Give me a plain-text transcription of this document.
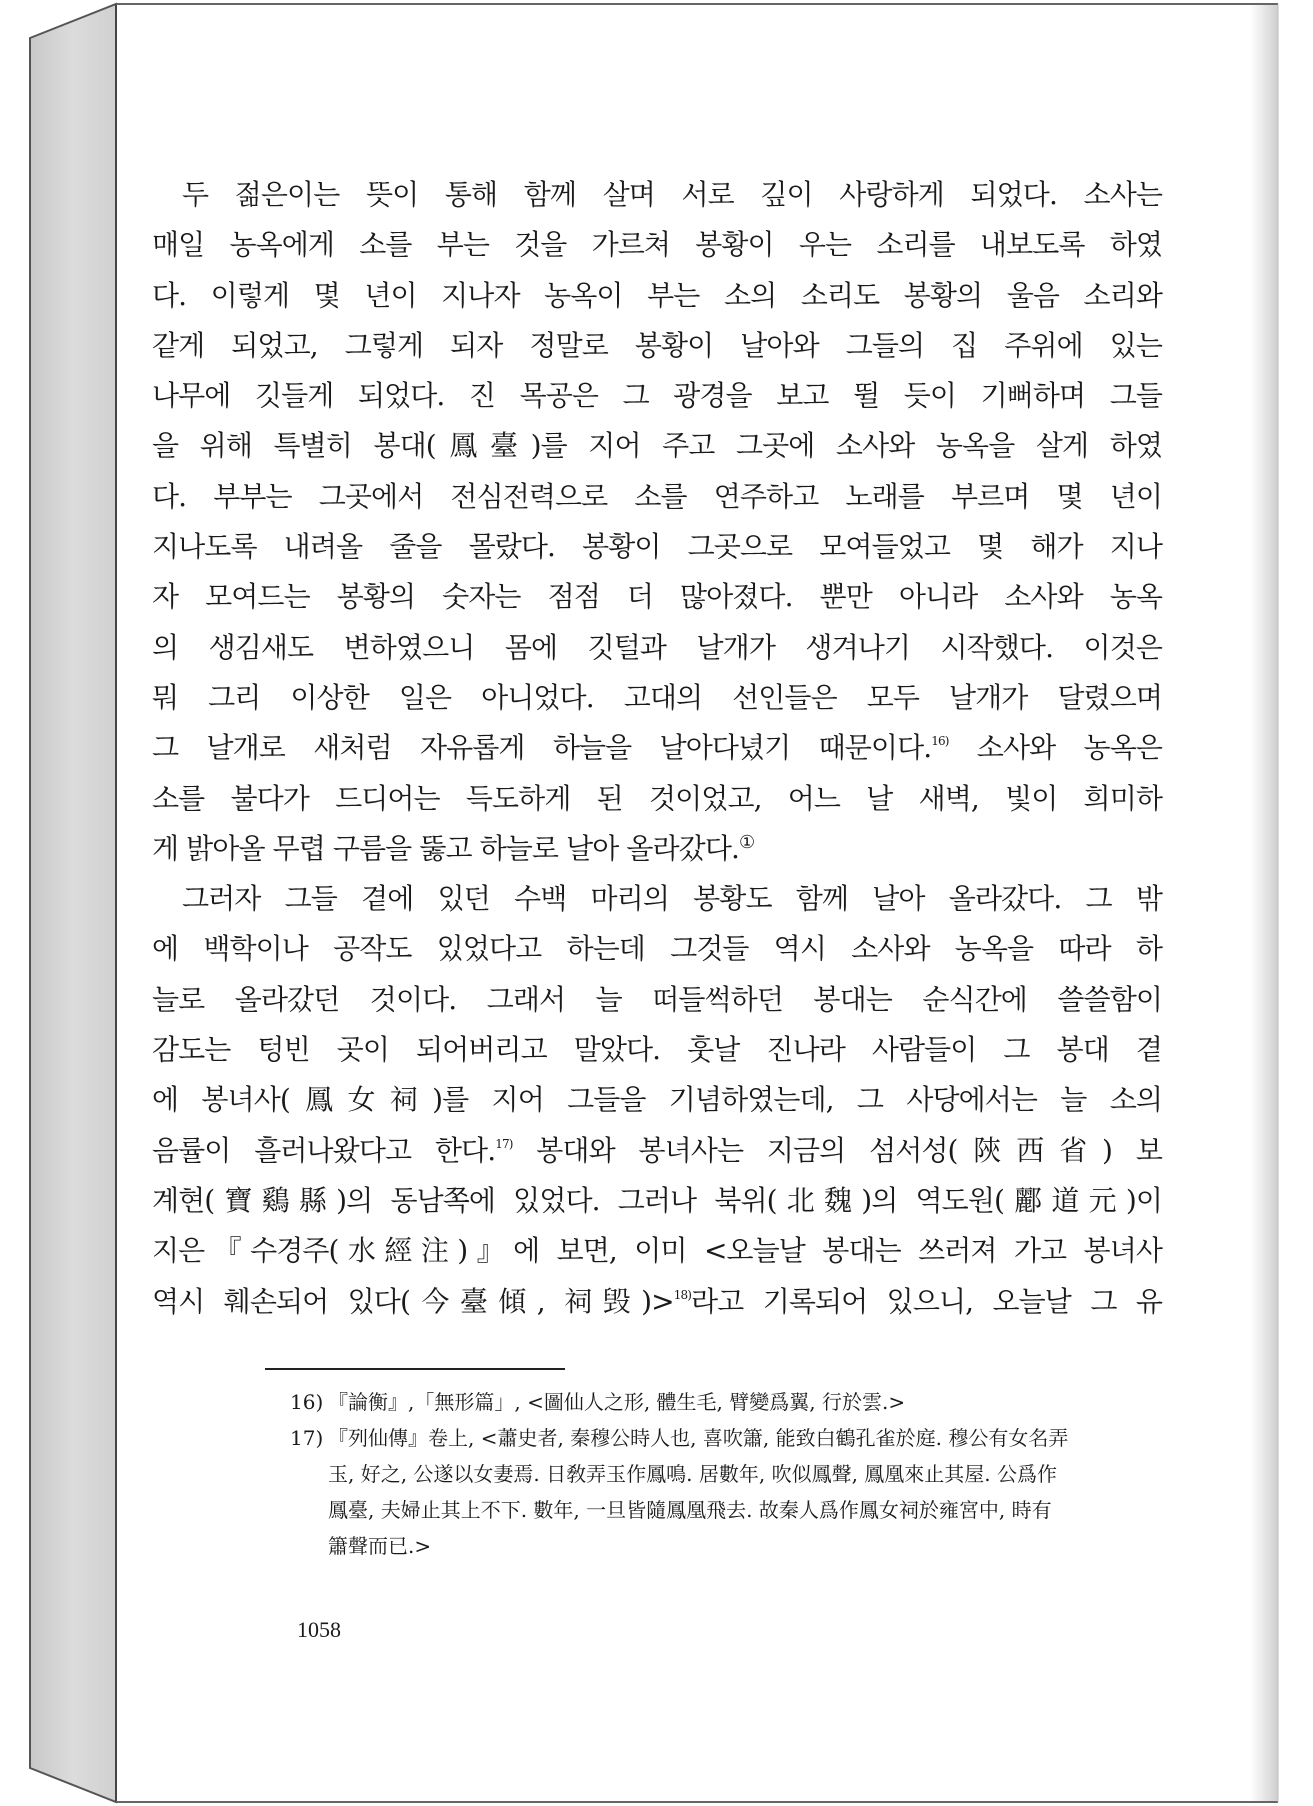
두 젊은이는 뜻이 통해 함께 살며 서로 깊이 사랑하게 되었다. 소사는
매일 농옥에게 소를 부는 것을 가르쳐 봉황이 우는 소리를 내보도록 하였
다. 이렇게 몇 년이 지나자 농옥이 부는 소의 소리도 봉황의 울음 소리와
같게 되었고, 그렇게 되자 정말로 봉황이 날아와 그들의 집 주위에 있는
나무에 깃들게 되었다. 진 목공은 그 광경을 보고 뛸 듯이 기뻐하며 그들
을 위해 특별히 봉대(鳳臺)를 지어 주고 그곳에 소사와 농옥을 살게 하였
다. 부부는 그곳에서 전심전력으로 소를 연주하고 노래를 부르며 몇 년이
지나도록 내려올 줄을 몰랐다. 봉황이 그곳으로 모여들었고 몇 해가 지나
자 모여드는 봉황의 숫자는 점점 더 많아졌다. 뿐만 아니라 소사와 농옥
의 생김새도 변하였으니 몸에 깃털과 날개가 생겨나기 시작했다. 이것은
뭐 그리 이상한 일은 아니었다. 고대의 선인들은 모두 날개가 달렸으며
그 날개로 새처럼 자유롭게 하늘을 날아다녔기 때문이다.$^{16)}$ 소사와 농옥은
소를 불다가 드디어는 득도하게 된 것이었고, 어느 날 새벽, 빛이 희미하
게 밝아올 무렵 구름을 뚫고 하늘로 날아 올라갔다.①
그러자 그들 곁에 있던 수백 마리의 봉황도 함께 날아 올라갔다. 그 밖
에 백학이나 공작도 있었다고 하는데 그것들 역시 소사와 농옥을 따라 하
늘로 올라갔던 것이다. 그래서 늘 떠들썩하던 봉대는 순식간에 쓸쓸함이
감도는 텅빈 곳이 되어버리고 말았다. 훗날 진나라 사람들이 그 봉대 곁
에 봉녀사(鳳女祠)를 지어 그들을 기념하였는데, 그 사당에서는 늘 소의
음률이 흘러나왔다고 한다.$^{17)}$ 봉대와 봉녀사는 지금의 섬서성(陝西省) 보
계현(寶鷄縣)의 동남쪽에 있었다. 그러나 북위(北魏)의 역도원(酈道元)이
지은『수경주(水經注)』에 보면, 이미 <오늘날 봉대는 쓰러져 가고 봉녀사
역시 훼손되어 있다(今臺傾, 祠毁)>$^{18)}$라고 기록되어 있으니, 오늘날 그 유
16) 『論衡』,「無形篇」, <圖仙人之形, 體生毛, 臂變爲翼, 行於雲.>
17) 『列仙傳』卷上, <蕭史者, 秦穆公時人也, 喜吹簫, 能致白鶴孔雀於庭. 穆公有女名弄
玉, 好之, 公遂以女妻焉. 日敎弄玉作鳳鳴. 居數年, 吹似鳳聲, 鳳凰來止其屋. 公爲作
鳳臺, 夫婦止其上不下. 數年, 一旦皆隨鳳凰飛去. 故秦人爲作鳳女祠於雍宮中, 時有
簫聲而已.>
1058
